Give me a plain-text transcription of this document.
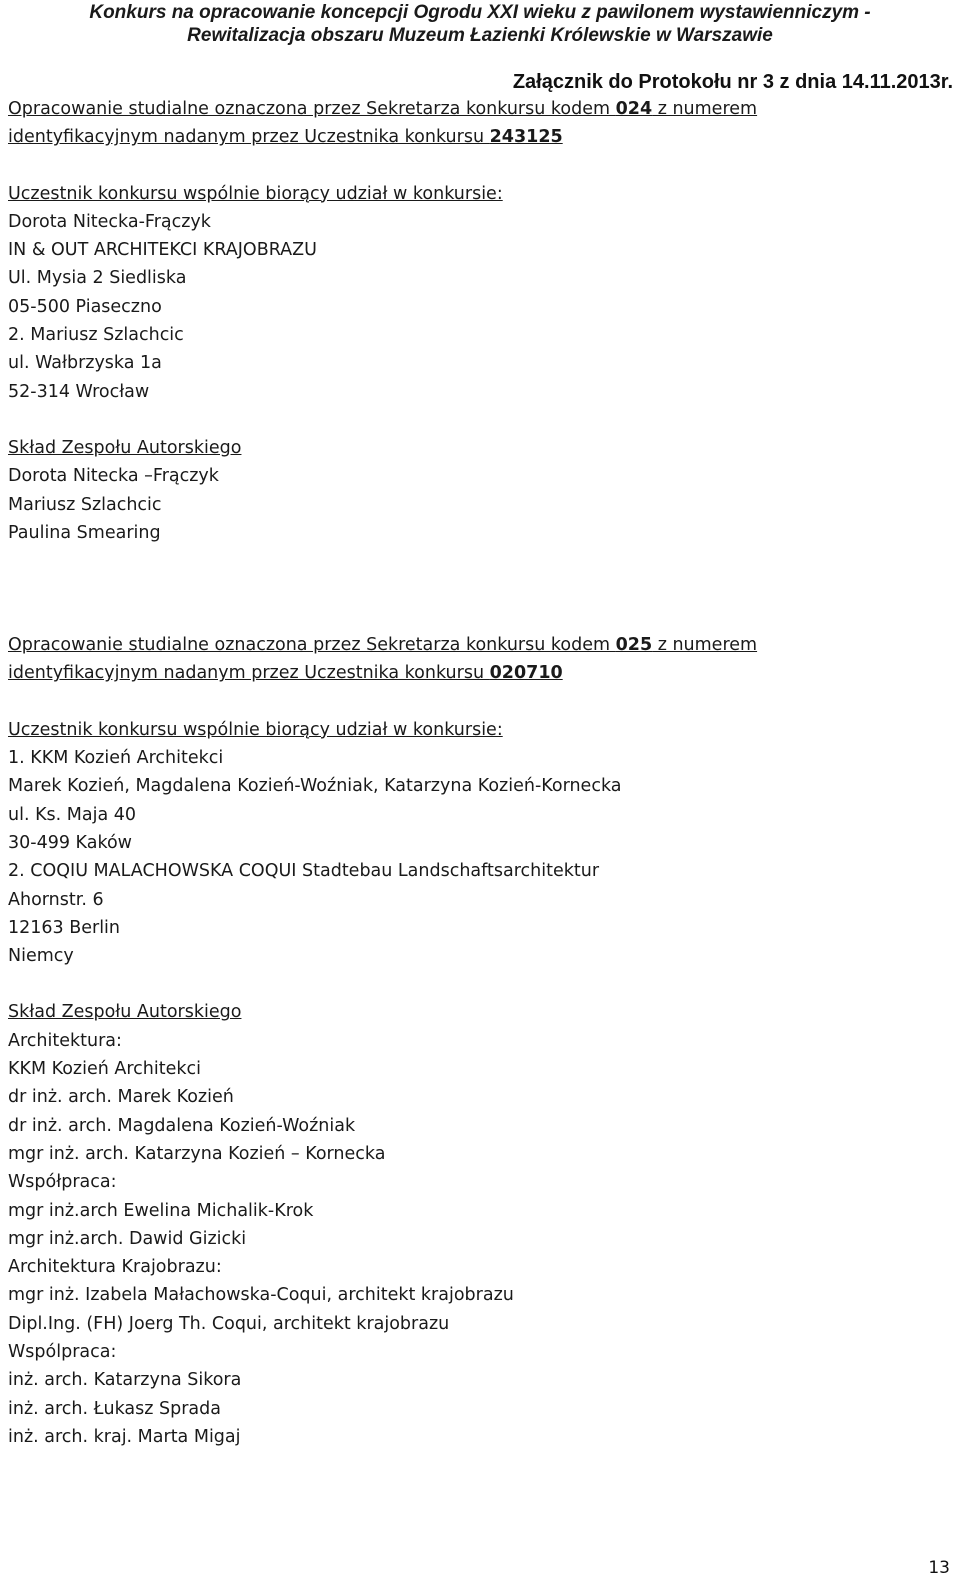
Konkurs na opracowanie koncepcji Ogrodu XXI wieku z pawilonem wystawienniczym -
Rewitalizacja obszaru Muzeum Łazienki Królewskie w Warszawie
Załącznik do Protokołu nr 3 z dnia 14.11.2013r.
Opracowanie studialne oznaczona przez Sekretarza konkursu kodem 024 z numerem
identyfikacyjnym nadanym przez Uczestnika konkursu 243125
Uczestnik konkursu wspólnie biorący udział w konkursie:
Dorota Nitecka-Frączyk
IN & OUT ARCHITEKCI KRAJOBRAZU
Ul. Mysia 2 Siedliska
05-500 Piaseczno
2. Mariusz Szlachcic
ul. Wałbrzyska 1a
52-314 Wrocław
Skład Zespołu Autorskiego
Dorota Nitecka –Frączyk
Mariusz Szlachcic
Paulina Smearing
Opracowanie studialne oznaczona przez Sekretarza konkursu kodem 025 z numerem
identyfikacyjnym nadanym przez Uczestnika konkursu 020710
Uczestnik konkursu wspólnie biorący udział w konkursie:
1. KKM Kozień Architekci
Marek Kozień, Magdalena Kozień-Woźniak, Katarzyna Kozień-Kornecka
ul. Ks. Maja 40
30-499 Kaków
2. COQIU MALACHOWSKA COQUI Stadtebau Landschaftsarchitektur
Ahornstr. 6
12163 Berlin
Niemcy
Skład Zespołu Autorskiego
Architektura:
KKM Kozień Architekci
dr inż. arch. Marek Kozień
dr inż. arch. Magdalena Kozień-Woźniak
mgr inż. arch. Katarzyna Kozień – Kornecka
Współpraca:
mgr inż.arch Ewelina Michalik-Krok
mgr inż.arch. Dawid Gizicki
Architektura Krajobrazu:
mgr inż. Izabela Małachowska-Coqui, architekt krajobrazu
Dipl.Ing. (FH) Joerg Th. Coqui, architekt krajobrazu
Wspólpraca:
inż. arch. Katarzyna Sikora
inż. arch. Łukasz Sprada
inż. arch. kraj. Marta Migaj
13
